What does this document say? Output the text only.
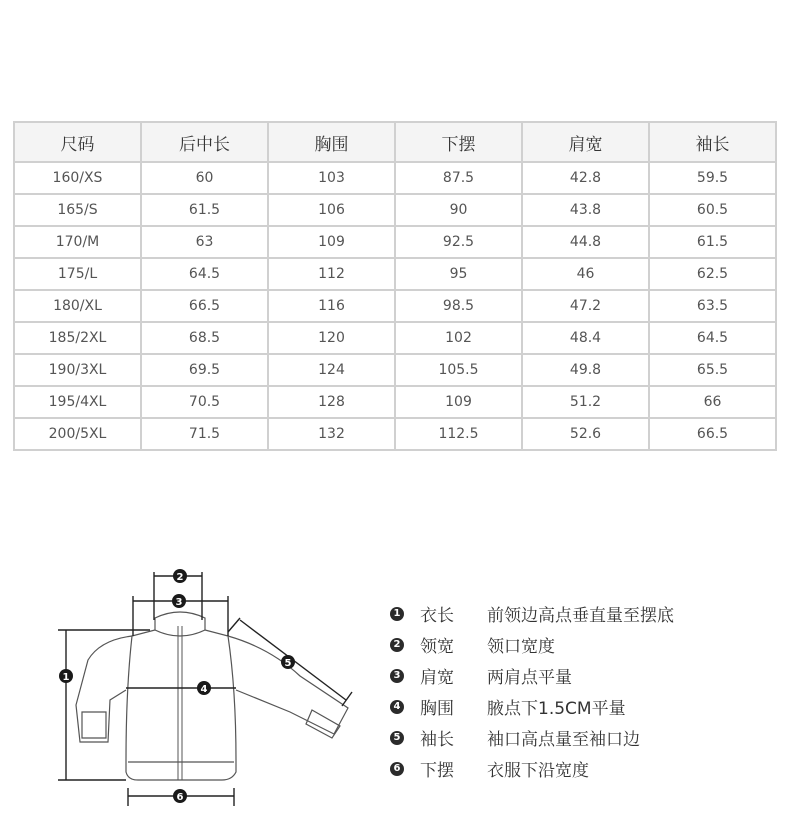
尺码	后中长	胸围	下摆	肩宽	袖长
160/XS	60	103	87.5	42.8	59.5
165/S	61.5	106	90	43.8	60.5
170/M	63	109	92.5	44.8	61.5
175/L	64.5	112	95	46	62.5
180/XL	66.5	116	98.5	47.2	63.5
185/2XL	68.5	120	102	48.4	64.5
190/3XL	69.5	124	105.5	49.8	65.5
195/4XL	70.5	128	109	51.2	66
200/5XL	71.5	132	112.5	52.6	66.5
1
2
3
4
5
6
1 衣长	前领边高点垂直量至摆底
2 领宽	领口宽度
3 肩宽	两肩点平量
4 胸围	腋点下1.5CM平量
5 袖长	袖口高点量至袖口边
6 下摆	衣服下沿宽度
